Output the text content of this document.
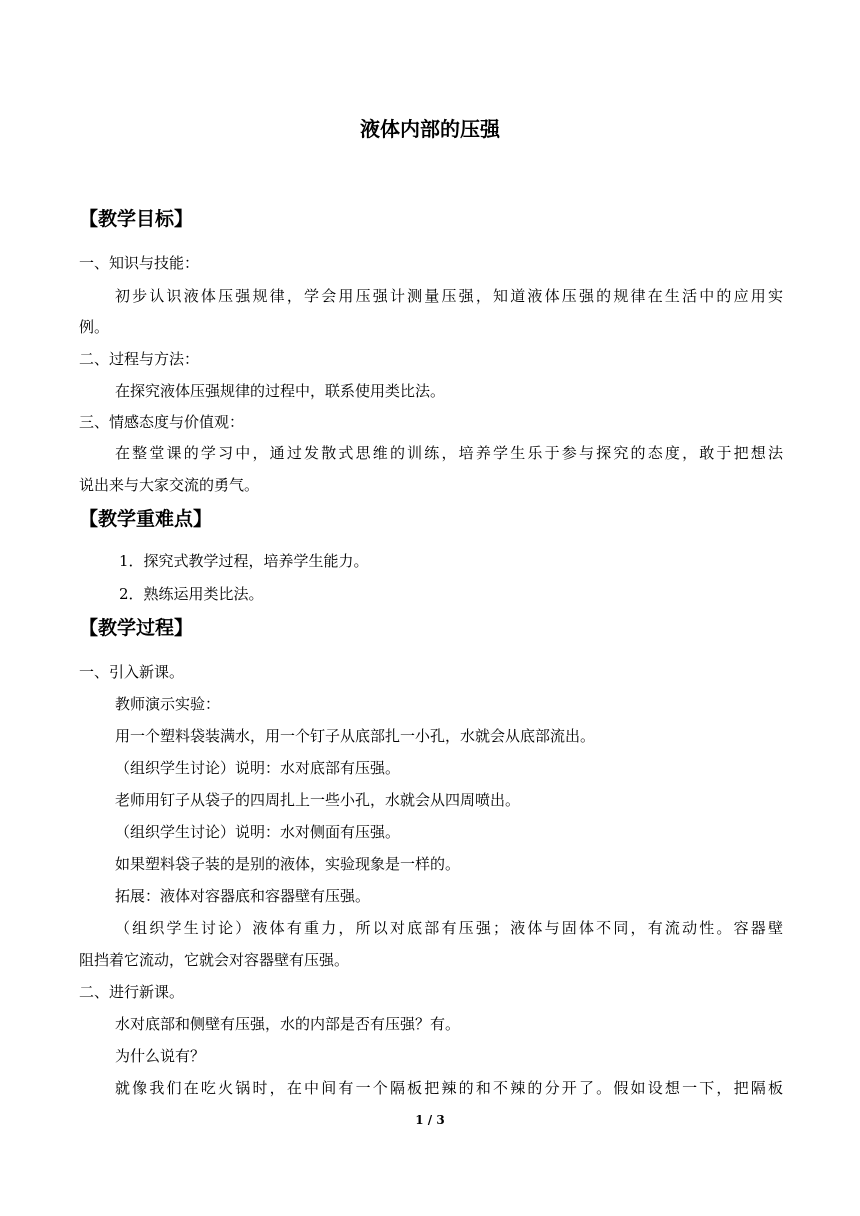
液体内部的压强
【教学目标】
一、知识与技能：
初步认识液体压强规律，学会用压强计测量压强，知道液体压强的规律在生活中的应用实
例。
二、过程与方法：
在探究液体压强规律的过程中，联系使用类比法。
三、情感态度与价值观：
在整堂课的学习中，通过发散式思维的训练，培养学生乐于参与探究的态度，敢于把想法
说出来与大家交流的勇气。
【教学重难点】
1．探究式教学过程，培养学生能力。
2．熟练运用类比法。
【教学过程】
一、引入新课。
教师演示实验：
用一个塑料袋装满水，用一个钉子从底部扎一小孔，水就会从底部流出。
（组织学生讨论）说明：水对底部有压强。
老师用钉子从袋子的四周扎上一些小孔，水就会从四周喷出。
（组织学生讨论）说明：水对侧面有压强。
如果塑料袋子装的是别的液体，实验现象是一样的。
拓展：液体对容器底和容器壁有压强。
（组织学生讨论）液体有重力，所以对底部有压强；液体与固体不同，有流动性。容器壁
阻挡着它流动，它就会对容器壁有压强。
二、进行新课。
水对底部和侧壁有压强，水的内部是否有压强？有。
为什么说有？
就像我们在吃火锅时，在中间有一个隔板把辣的和不辣的分开了。假如设想一下，把隔板
1 / 3
